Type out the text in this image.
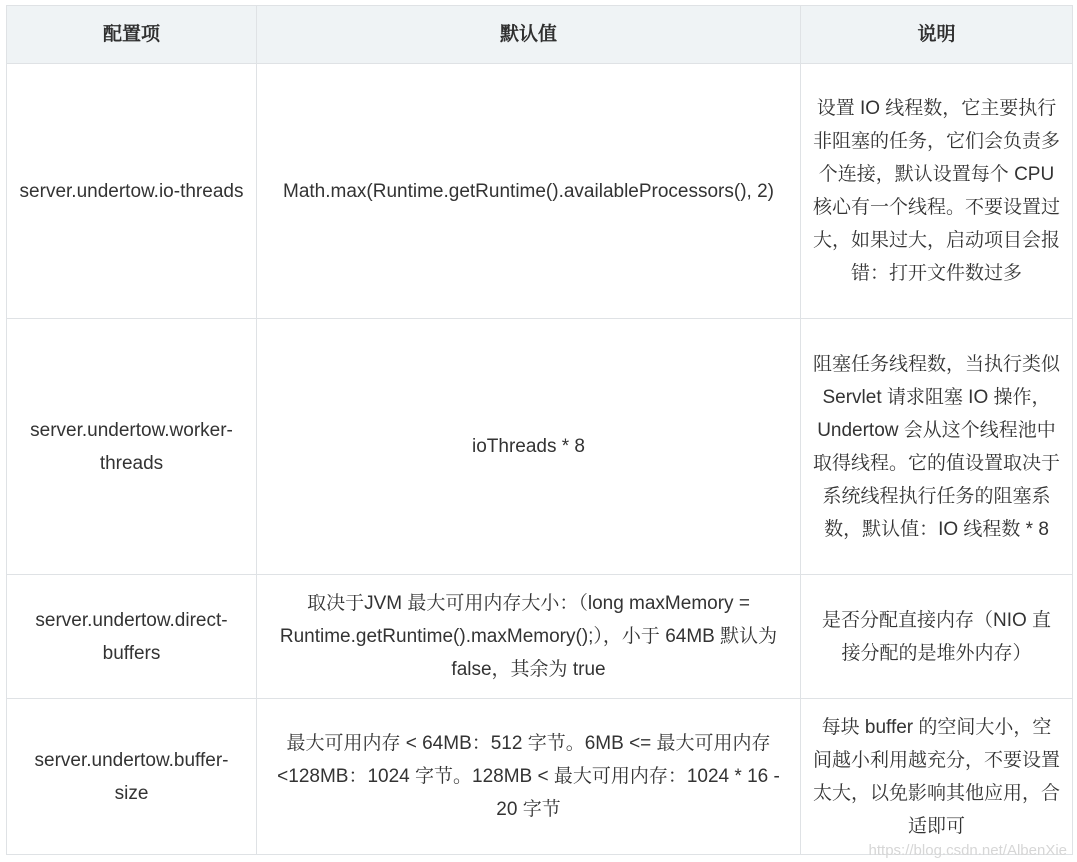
配置项	默认值	说明
server.undertow.io-threads	Math.max(Runtime.getRuntime().availableProcessors(), 2)	设置 IO 线程数，它主要执行非阻塞的任务，它们会负责多个连接，默认设置每个 CPU 核心有一个线程。不要设置过大，如果过大，启动项目会报错：打开文件数过多
server.undertow.worker-threads	ioThreads * 8	阻塞任务线程数，当执行类似 Servlet 请求阻塞 IO 操作，Undertow 会从这个线程池中取得线程。它的值设置取决于系统线程执行任务的阻塞系数，默认值：IO 线程数 * 8
server.undertow.direct-buffers	取决于JVM 最大可用内存大小：（long maxMemory = Runtime.getRuntime().maxMemory();），小于 64MB 默认为 false，其余为 true	是否分配直接内存（NIO 直接分配的是堆外内存）
server.undertow.buffer-size	最大可用内存 < 64MB：512 字节。6MB <= 最大可用内存 <128MB：1024 字节。128MB < 最大可用内存：1024 * 16 - 20 字节	每块 buffer 的空间大小，空间越小利用越充分，不要设置太大，以免影响其他应用，合适即可
https://blog.csdn.net/AlbenXie
